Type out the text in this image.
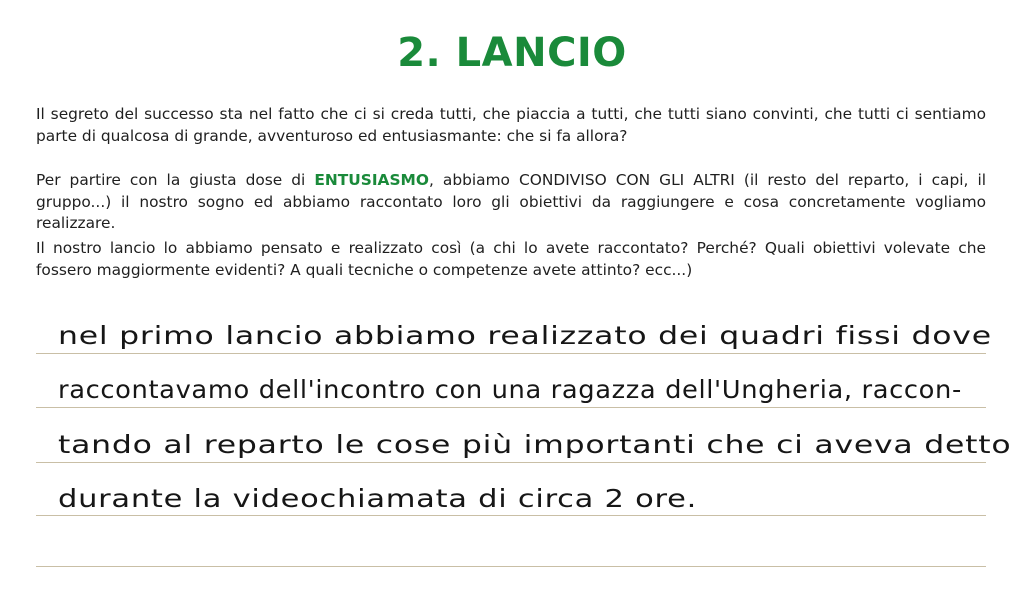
2. LANCIO
Il segreto del successo sta nel fatto che ci si creda tutti, che piaccia a tutti, che tutti siano convinti, che tutti ci sentiamo parte di qualcosa di grande, avventuroso ed entusiasmante: che si fa allora?
Per partire con la giusta dose di ENTUSIASMO, abbiamo CONDIVISO CON GLI ALTRI (il resto del reparto, i capi, il gruppo...) il nostro sogno ed abbiamo raccontato loro gli obiettivi da raggiungere e cosa concretamente vogliamo realizzare.
Il nostro lancio lo abbiamo pensato e realizzato così (a chi lo avete raccontato? Perché? Quali obiettivi volevate che fossero maggiormente evidenti? A quali tecniche o competenze avete attinto? ecc...)
nel primo lancio abbiamo realizzato dei quadri fissi dove
raccontavamo dell'incontro con una ragazza dell'Ungheria, raccon-
tando al reparto le cose più importanti che ci aveva detto
durante la videochiamata di circa 2 ore.
